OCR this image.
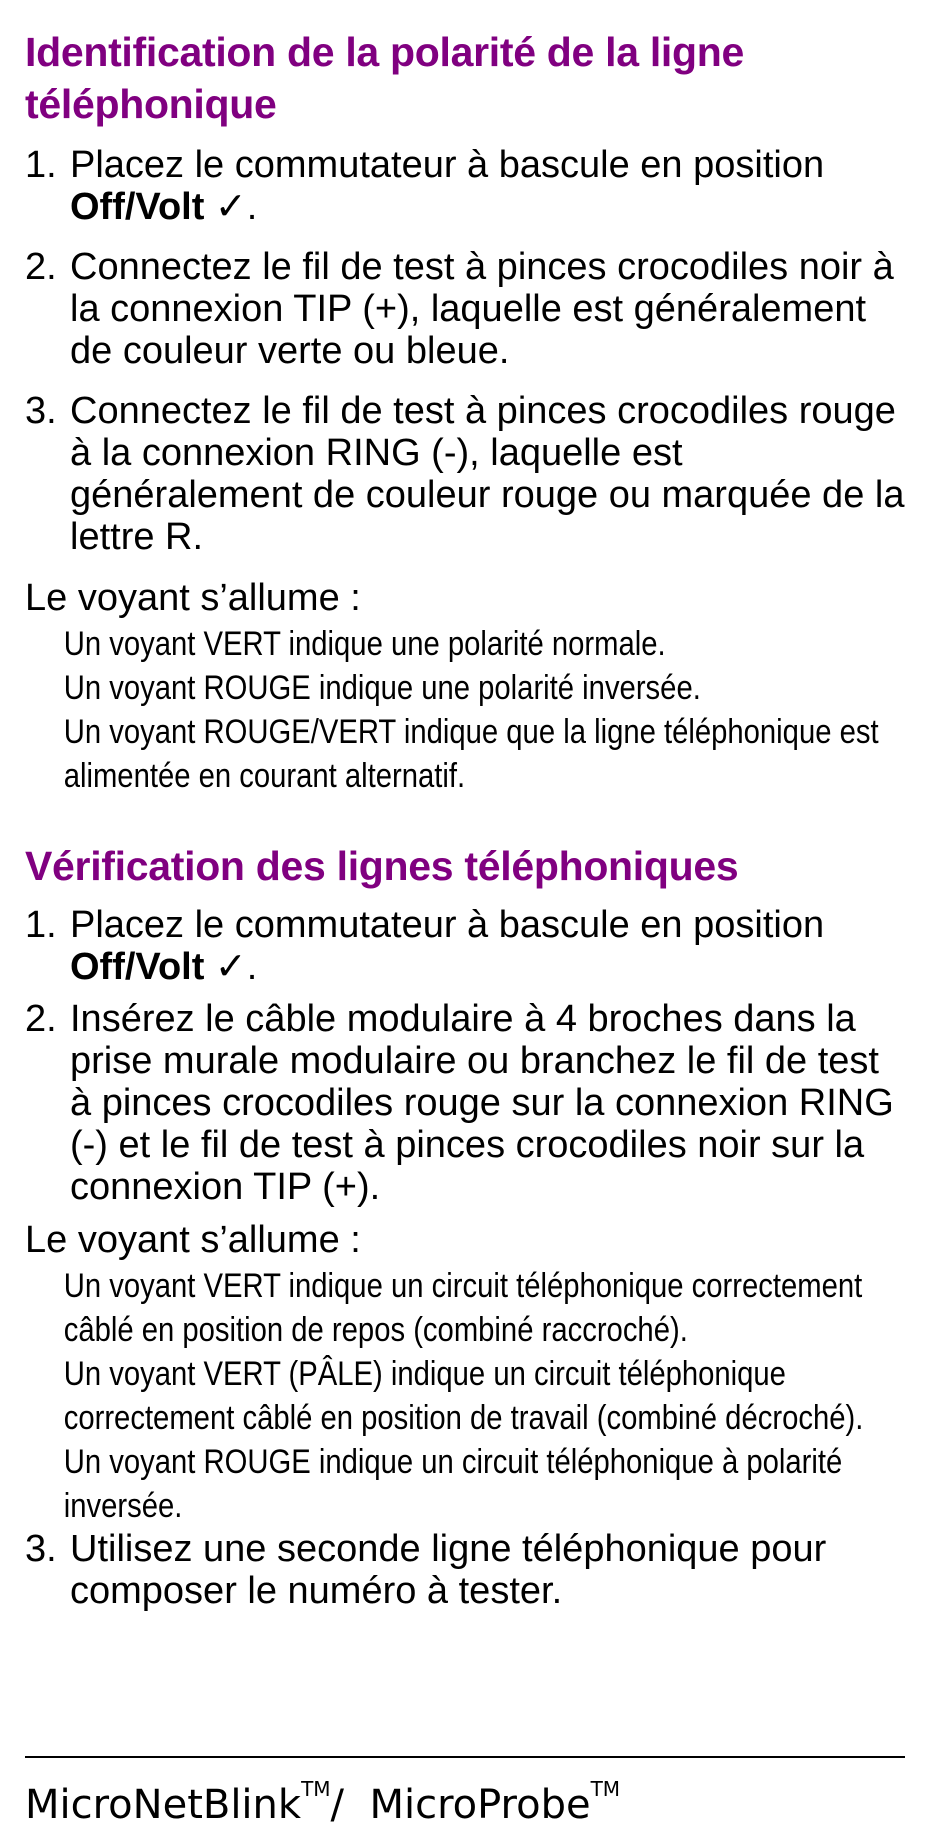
Identification de la polarité de la ligne téléphonique
1. Placez le commutateur à bascule en position
Off/Volt ✓.
2. Connectez le fil de test à pinces crocodiles noir à la connexion TIP (+), laquelle est généralement de couleur verte ou bleue.
3. Connectez le fil de test à pinces crocodiles rouge à la connexion RING (-), laquelle est généralement de couleur rouge ou marquée de la lettre R.
Le voyant s’allume :
Un voyant VERT indique une polarité normale.
Un voyant ROUGE indique une polarité inversée.
Un voyant ROUGE/VERT indique que la ligne téléphonique est alimentée en courant alternatif.
Vérification des lignes téléphoniques
1. Placez le commutateur à bascule en position
Off/Volt ✓.
2. Insérez le câble modulaire à 4 broches dans la prise murale modulaire ou branchez le fil de test à pinces crocodiles rouge sur la connexion RING (-) et le fil de test à pinces crocodiles noir sur la connexion TIP (+).
Le voyant s’allume :
Un voyant VERT indique un circuit téléphonique correctement câblé en position de repos (combiné raccroché).
Un voyant VERT (PÂLE) indique un circuit téléphonique correctement câblé en position de travail (combiné décroché).
Un voyant ROUGE indique un circuit téléphonique à polarité inversée.
3. Utilisez une seconde ligne téléphonique pour composer le numéro à tester.
MicroNetBlink™/ MicroProbe™
